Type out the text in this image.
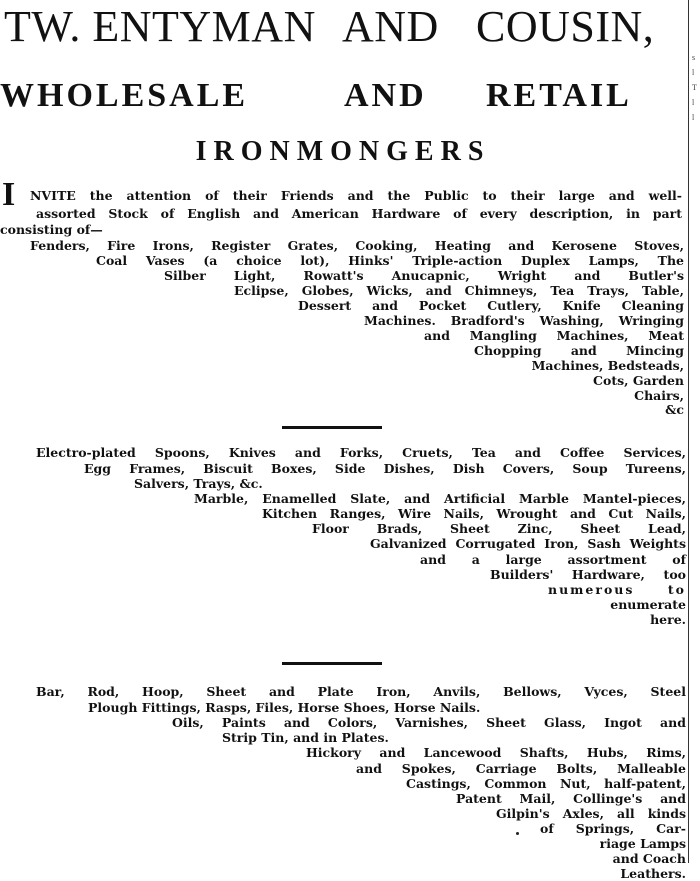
s
l
T
l
l
TW. ENTYMAN AND COUSIN,
WHOLESALE	AND RETAIL
IRONMONGERS
I NVITE the attention of their Friends and the Public to their large and well-
assorted Stock of English and American Hardware of every description, in part
consisting of—
Fenders, Fire Irons, Register Grates, Cooking, Heating and Kerosene Stoves,
Coal Vases (a choice lot), Hinks' Triple-action Duplex Lamps, The
Silber Light, Rowatt's Anucapnic, Wright and Butler's
Eclipse, Globes, Wicks, and Chimneys, Tea Trays, Table,
Dessert and Pocket Cutlery, Knife Cleaning
Machines. Bradford's Washing, Wringing
and Mangling Machines, Meat
Chopping and Mincing
Machines, Bedsteads,
Cots, Garden
Chairs,
&c
Electro-plated Spoons, Knives and Forks, Cruets, Tea and Coffee Services,
Egg Frames, Biscuit Boxes, Side Dishes, Dish Covers, Soup Tureens,
Salvers, Trays, &c.
Marble, Enamelled Slate, and Artificial Marble Mantel-pieces,
Kitchen Ranges, Wire Nails, Wrought and Cut Nails,
Floor Brads, Sheet Zinc, Sheet Lead,
Galvanized Corrugated Iron, Sash Weights
and a large assortment of
Builders' Hardware, too
numerous to
enumerate
here.
Bar, Rod, Hoop, Sheet and Plate Iron, Anvils, Bellows, Vyces, Steel
Plough Fittings, Rasps, Files, Horse Shoes, Horse Nails.
Oils, Paints and Colors, Varnishes, Sheet Glass, Ingot and
Strip Tin, and in Plates.
Hickory and Lancewood Shafts, Hubs, Rims,
and Spokes, Carriage Bolts, Malleable
Castings, Common Nut, half-patent,
Patent Mail, Collinge's and
Gilpin's Axles, all kinds
of Springs, Car-
riage Lamps
and Coach
Leathers.
